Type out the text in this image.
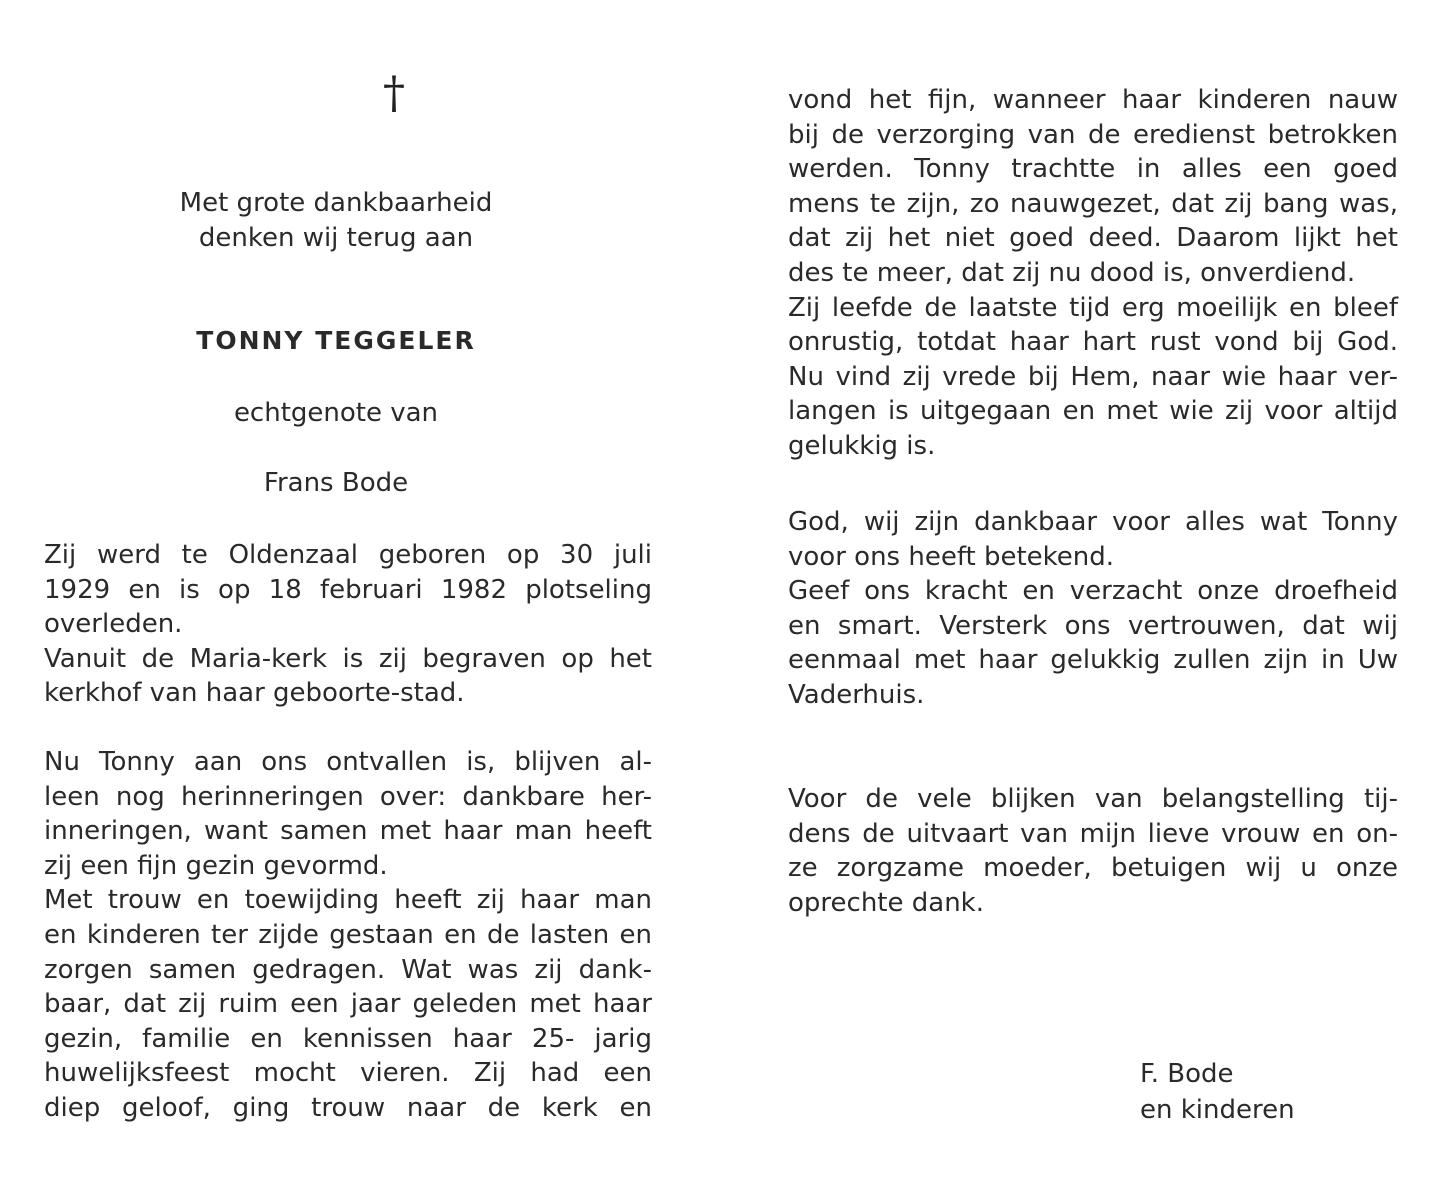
†
Met grote dankbaarheid
denken wij terug aan
TONNY TEGGELER
echtgenote van
Frans Bode
Zij werd te Oldenzaal geboren op 30 juli
1929 en is op 18 februari 1982 plotseling
overleden.
Vanuit de Maria-kerk is zij begraven op het
kerkhof van haar geboorte-stad.
Nu Tonny aan ons ontvallen is, blijven al-
leen nog herinneringen over: dankbare her-
inneringen, want samen met haar man heeft
zij een fijn gezin gevormd.
Met trouw en toewijding heeft zij haar man
en kinderen ter zijde gestaan en de lasten en
zorgen samen gedragen. Wat was zij dank-
baar, dat zij ruim een jaar geleden met haar
gezin, familie en kennissen haar 25- jarig
huwelijksfeest mocht vieren. Zij had een
diep geloof, ging trouw naar de kerk en
vond het fijn, wanneer haar kinderen nauw
bij de verzorging van de eredienst betrokken
werden. Tonny trachtte in alles een goed
mens te zijn, zo nauwgezet, dat zij bang was,
dat zij het niet goed deed. Daarom lijkt het
des te meer, dat zij nu dood is, onverdiend.
Zij leefde de laatste tijd erg moeilijk en bleef
onrustig, totdat haar hart rust vond bij God.
Nu vind zij vrede bij Hem, naar wie haar ver-
langen is uitgegaan en met wie zij voor altijd
gelukkig is.
God, wij zijn dankbaar voor alles wat Tonny
voor ons heeft betekend.
Geef ons kracht en verzacht onze droefheid
en smart. Versterk ons vertrouwen, dat wij
eenmaal met haar gelukkig zullen zijn in Uw
Vaderhuis.
Voor de vele blijken van belangstelling tij-
dens de uitvaart van mijn lieve vrouw en on-
ze zorgzame moeder, betuigen wij u onze
oprechte dank.
F. Bode
en kinderen
